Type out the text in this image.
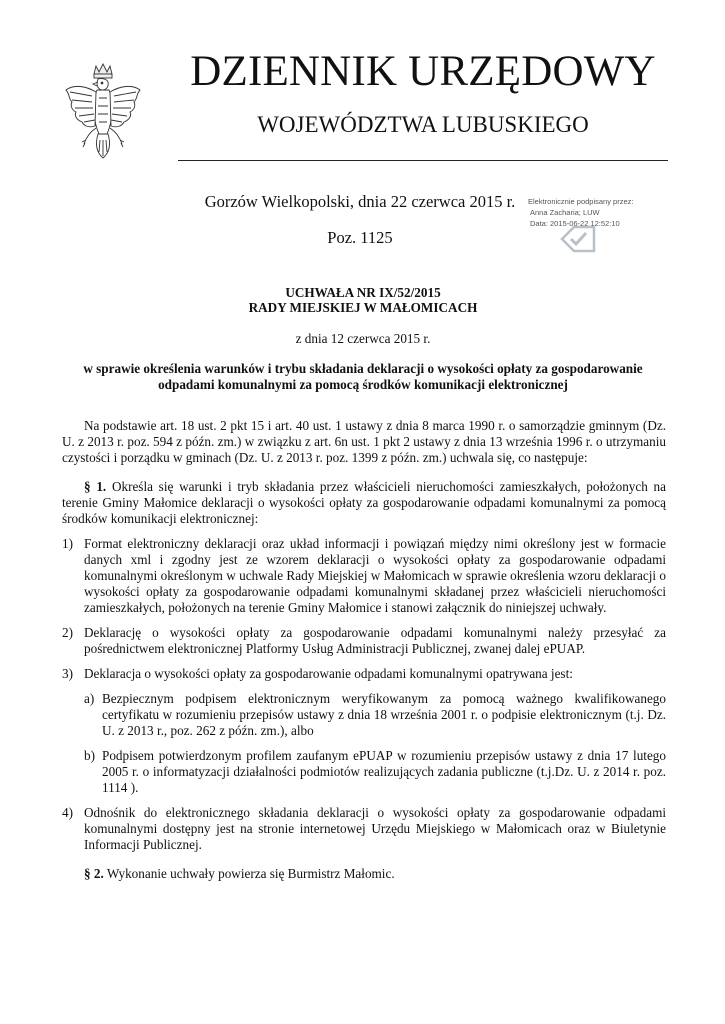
DZIENNIK URZĘDOWY
WOJEWÓDZTWA LUBUSKIEGO
Gorzów Wielkopolski, dnia 22 czerwca 2015 r.
Poz. 1125
Elektronicznie podpisany przez:
Anna Zacharia; LUW
Data: 2015-06-22 12:52:10
UCHWAŁA NR IX/52/2015
RADY MIEJSKIEJ W MAŁOMICACH
z dnia 12 czerwca 2015 r.
w sprawie określenia warunków i trybu składania deklaracji o wysokości opłaty za gospodarowanie
odpadami komunalnymi za pomocą środków komunikacji elektronicznej

Na podstawie art. 18 ust. 2 pkt 15 i art. 40 ust. 1 ustawy z dnia 8 marca 1990 r. o samorządzie gminnym (Dz. U. z 2013 r. poz. 594 z późn. zm.) w związku z art. 6n ust. 1 pkt 2 ustawy z dnia 13 września 1996 r. o utrzymaniu czystości i porządku w gminach (Dz. U. z 2013 r. poz. 1399 z późn. zm.) uchwala się, co następuje:

§ 1. Określa się warunki i tryb składania przez właścicieli nieruchomości zamieszkałych, położonych na terenie Gminy Małomice deklaracji o wysokości opłaty za gospodarowanie odpadami komunalnymi za pomocą środków komunikacji elektronicznej:

1) Format elektroniczny deklaracji oraz układ informacji i powiązań między nimi określony jest w formacie danych xml i zgodny jest ze wzorem deklaracji o wysokości opłaty za gospodarowanie odpadami komunalnymi określonym w uchwale Rady Miejskiej w Małomicach w sprawie określenia wzoru deklaracji o wysokości opłaty za gospodarowanie odpadami komunalnymi składanej przez właścicieli nieruchomości zamieszkałych, położonych na terenie Gminy Małomice i stanowi załącznik do niniejszej uchwały.
2) Deklarację o wysokości opłaty za gospodarowanie odpadami komunalnymi należy przesyłać za pośrednictwem elektronicznej Platformy Usług Administracji Publicznej, zwanej dalej ePUAP.
3) Deklaracja o wysokości opłaty za gospodarowanie odpadami komunalnymi opatrywana jest:
a) Bezpiecznym podpisem elektronicznym weryfikowanym za pomocą ważnego kwalifikowanego certyfikatu w rozumieniu przepisów ustawy z dnia 18 września 2001 r. o podpisie elektronicznym (t.j. Dz. U. z 2013 r., poz. 262 z późn. zm.), albo
b) Podpisem potwierdzonym profilem zaufanym ePUAP w rozumieniu przepisów ustawy z dnia 17 lutego 2005 r. o informatyzacji działalności podmiotów realizujących zadania publiczne (t.j.Dz. U. z 2014 r. poz. 1114 ).
4) Odnośnik do elektronicznego składania deklaracji o wysokości opłaty za gospodarowanie odpadami komunalnymi dostępny jest na stronie internetowej Urzędu Miejskiego w Małomicach oraz w Biuletynie Informacji Publicznej.

§ 2. Wykonanie uchwały powierza się Burmistrz Małomic.
